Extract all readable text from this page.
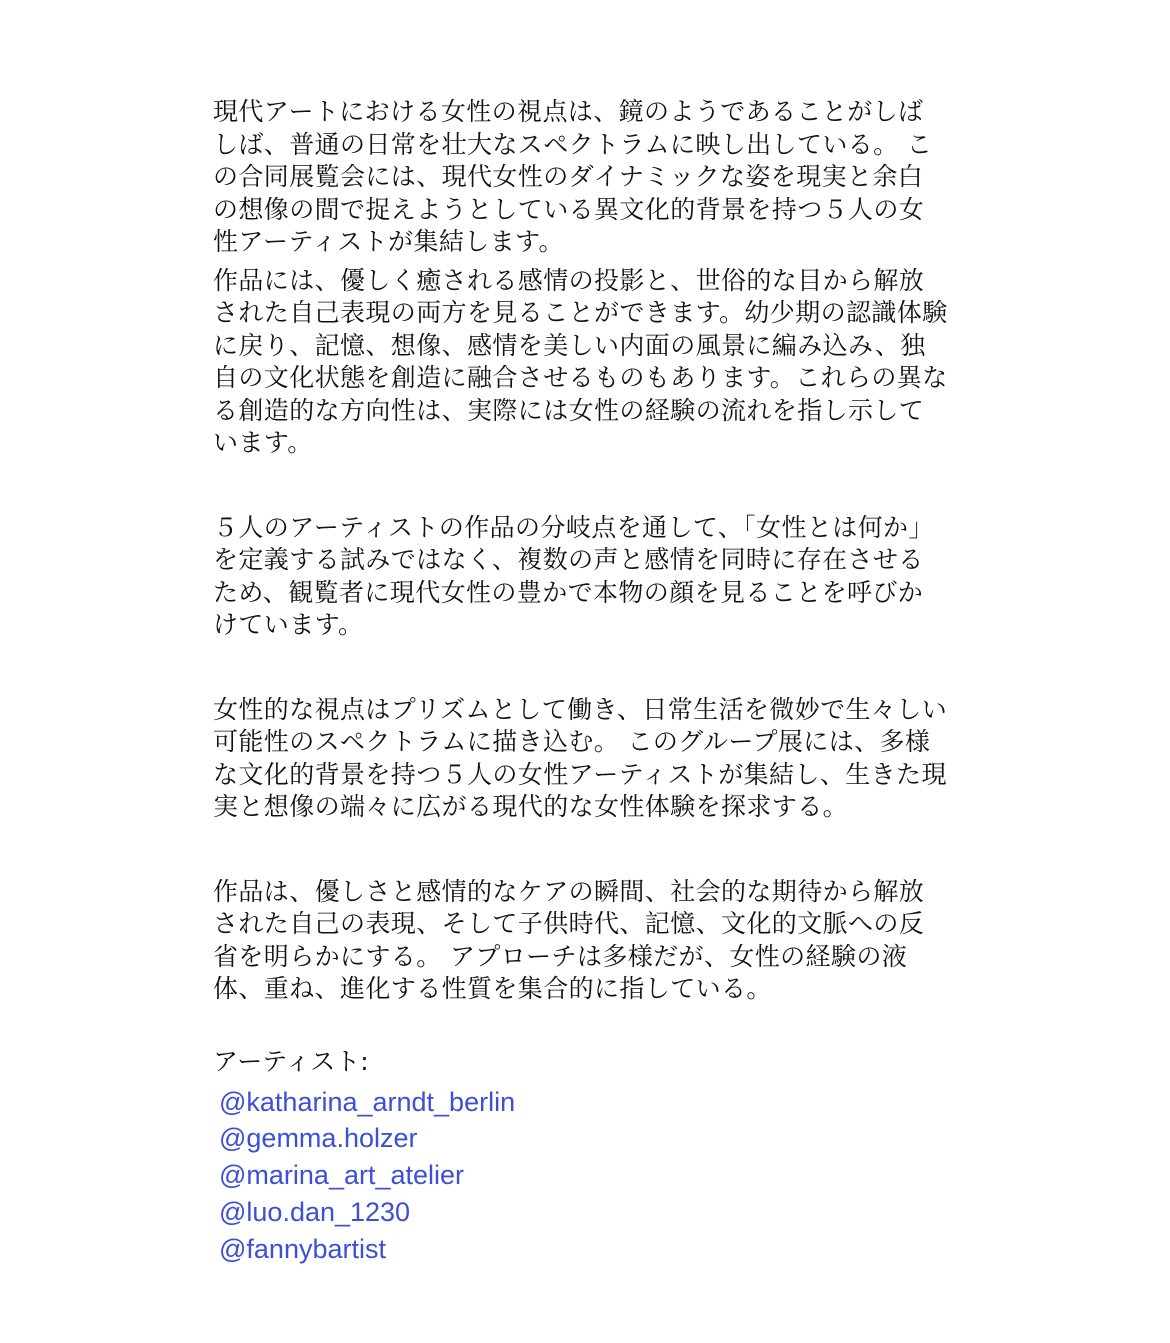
現代アートにおける女性の視点は、鏡のようであることがしばしば、普通の日常を壮大なスペクトラムに映し出している。 この合同展覧会には、現代女性のダイナミックな姿を現実と余白の想像の間で捉えようとしている異文化的背景を持つ５人の女性アーティストが集結します。

作品には、優しく癒される感情の投影と、世俗的な目から解放された自己表現の両方を見ることができます。幼少期の認識体験に戻り、記憶、想像、感情を美しい内面の風景に編み込み、独自の文化状態を創造に融合させるものもあります。これらの異なる創造的な方向性は、実際には女性の経験の流れを指し示しています。

５人のアーティストの作品の分岐点を通して、「女性とは何か」を定義する試みではなく、複数の声と感情を同時に存在させるため、観覧者に現代女性の豊かで本物の顔を見ることを呼びかけています。

女性的な視点はプリズムとして働き、日常生活を微妙で生々しい可能性のスペクトラムに描き込む。 このグループ展には、多様な文化的背景を持つ５人の女性アーティストが集結し、生きた現実と想像の端々に広がる現代的な女性体験を探求する。

作品は、優しさと感情的なケアの瞬間、社会的な期待から解放された自己の表現、そして子供時代、記憶、文化的文脈への反省を明らかにする。 アプローチは多様だが、女性の経験の液体、重ね、進化する性質を集合的に指している。

アーティスト:

@katharina_arndt_berlin
@gemma.holzer
@marina_art_atelier
@luo.dan_1230
@fannybartist
